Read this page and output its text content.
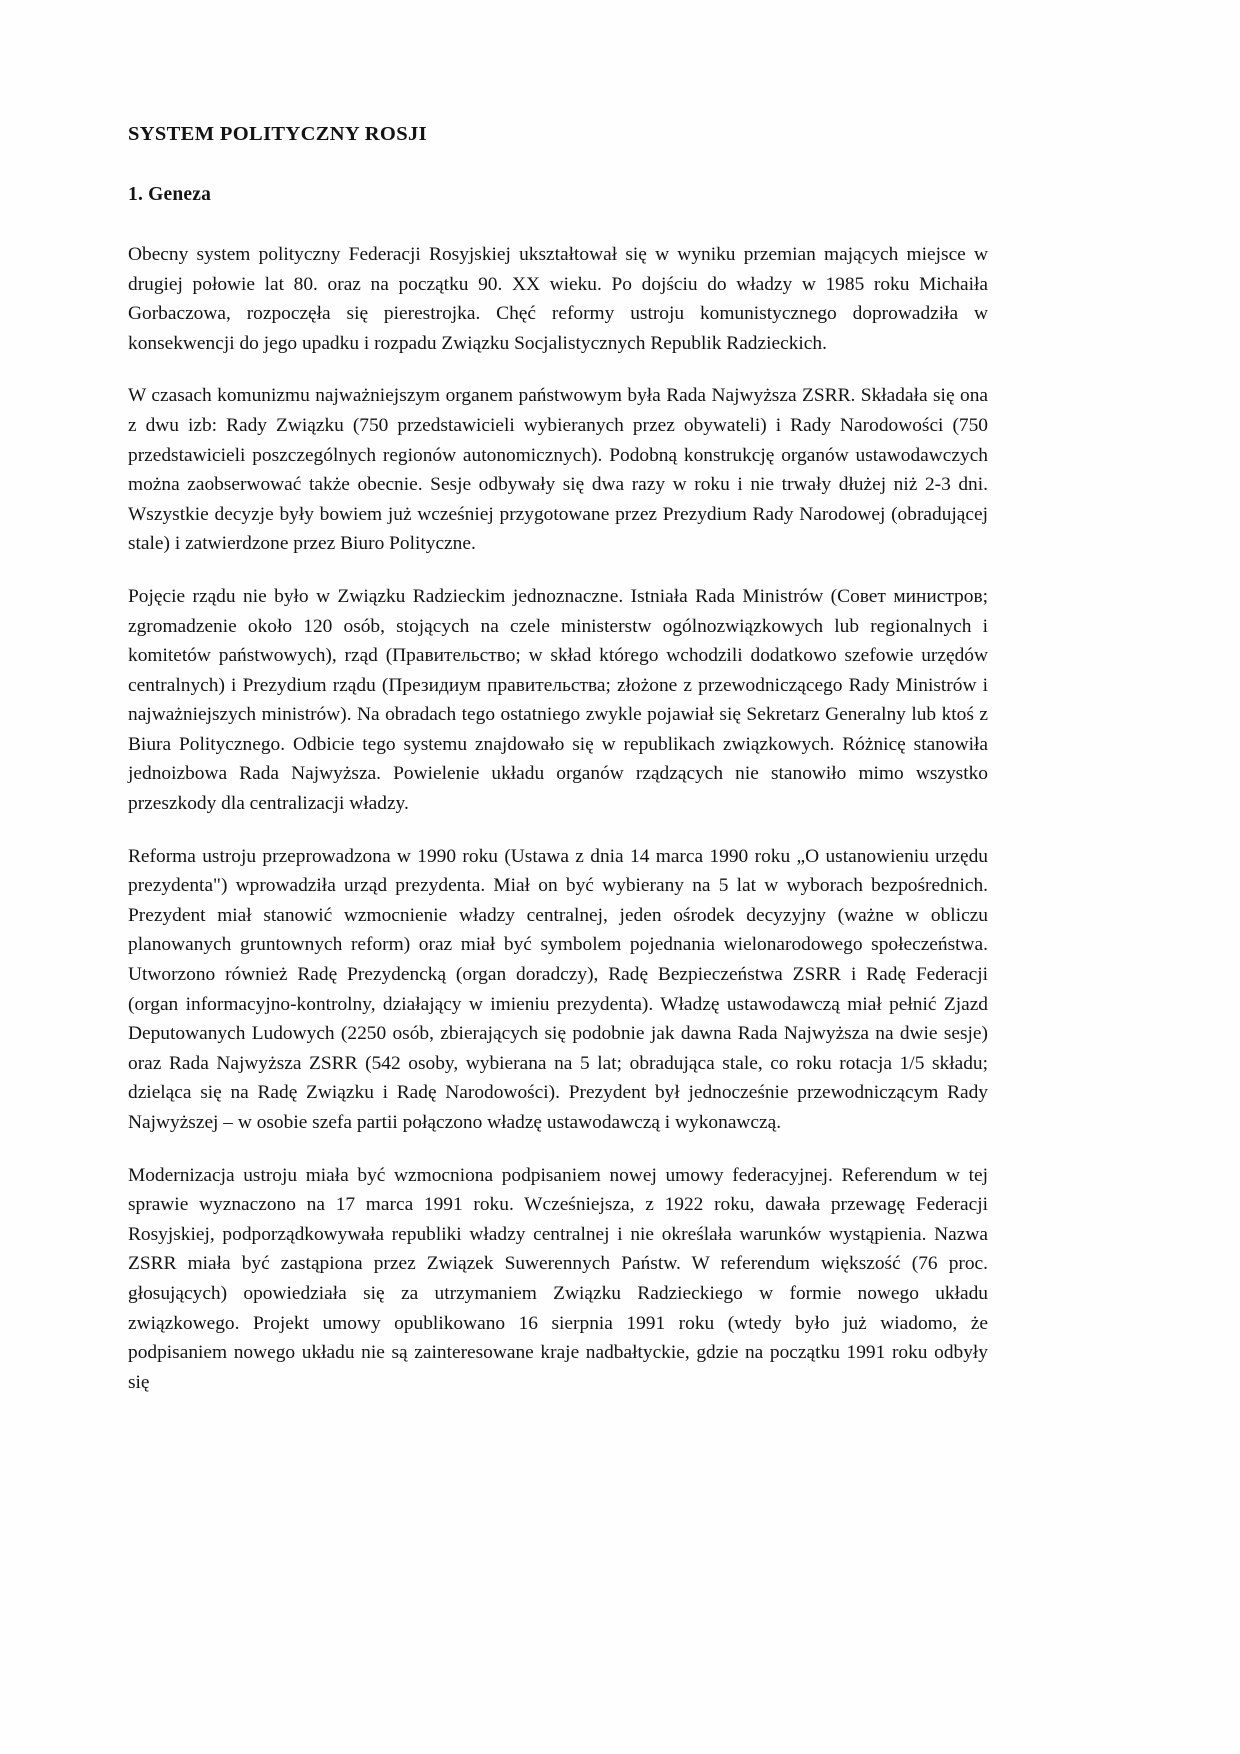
SYSTEM POLITYCZNY ROSJI
1. Geneza

Obecny system polityczny Federacji Rosyjskiej ukształtował się w wyniku przemian mających miejsce w drugiej połowie lat 80. oraz na początku 90. XX wieku. Po dojściu do władzy w 1985 roku Michaiła Gorbaczowa, rozpoczęła się pierestrojka. Chęć reformy ustroju komunistycznego doprowadziła w konsekwencji do jego upadku i rozpadu Związku Socjalistycznych Republik Radzieckich.

W czasach komunizmu najważniejszym organem państwowym była Rada Najwyższa ZSRR. Składała się ona z dwu izb: Rady Związku (750 przedstawicieli wybieranych przez obywateli) i Rady Narodowości (750 przedstawicieli poszczególnych regionów autonomicznych). Podobną konstrukcję organów ustawodawczych można zaobserwować także obecnie. Sesje odbywały się dwa razy w roku i nie trwały dłużej niż 2-3 dni. Wszystkie decyzje były bowiem już wcześniej przygotowane przez Prezydium Rady Narodowej (obradującej stale) i zatwierdzone przez Biuro Polityczne.

Pojęcie rządu nie było w Związku Radzieckim jednoznaczne. Istniała Rada Ministrów (Совет министров; zgromadzenie około 120 osób, stojących na czele ministerstw ogólnozwiązkowych lub regionalnych i komitetów państwowych), rząd (Правительство; w skład którego wchodzili dodatkowo szefowie urzędów centralnych) i Prezydium rządu (Президиум правительства; złożone z przewodniczącego Rady Ministrów i najważniejszych ministrów). Na obradach tego ostatniego zwykle pojawiał się Sekretarz Generalny lub ktoś z Biura Politycznego. Odbicie tego systemu znajdowało się w republikach związkowych. Różnicę stanowiła jednoizbowa Rada Najwyższa. Powielenie układu organów rządzących nie stanowiło mimo wszystko przeszkody dla centralizacji władzy.

Reforma ustroju przeprowadzona w 1990 roku (Ustawa z dnia 14 marca 1990 roku „O ustanowieniu urzędu prezydenta") wprowadziła urząd prezydenta. Miał on być wybierany na 5 lat w wyborach bezpośrednich. Prezydent miał stanowić wzmocnienie władzy centralnej, jeden ośrodek decyzyjny (ważne w obliczu planowanych gruntownych reform) oraz miał być symbolem pojednania wielonarodowego społeczeństwa.

Utworzono również Radę Prezydencką (organ doradczy), Radę Bezpieczeństwa ZSRR i Radę Federacji (organ informacyjno-kontrolny, działający w imieniu prezydenta). Władzę ustawodawczą miał pełnić Zjazd Deputowanych Ludowych (2250 osób, zbierających się podobnie jak dawna Rada Najwyższa na dwie sesje) oraz Rada Najwyższa ZSRR (542 osoby, wybierana na 5 lat; obradująca stale, co roku rotacja 1/5 składu; dzieląca się na Radę Związku i Radę Narodowości). Prezydent był jednocześnie przewodniczącym Rady Najwyższej – w osobie szefa partii połączono władzę ustawodawczą i wykonawczą.

Modernizacja ustroju miała być wzmocniona podpisaniem nowej umowy federacyjnej. Referendum w tej sprawie wyznaczono na 17 marca 1991 roku. Wcześniejsza, z 1922 roku, dawała przewagę Federacji Rosyjskiej, podporządkowywała republiki władzy centralnej i nie określała warunków wystąpienia. Nazwa ZSRR miała być zastąpiona przez Związek Suwerennych Państw. W referendum większość (76 proc. głosujących) opowiedziała się za utrzymaniem Związku Radzieckiego w formie nowego układu związkowego. Projekt umowy opublikowano 16 sierpnia 1991 roku (wtedy było już wiadomo, że podpisaniem nowego układu nie są zainteresowane kraje nadbałtyckie, gdzie na początku 1991 roku odbyły się
